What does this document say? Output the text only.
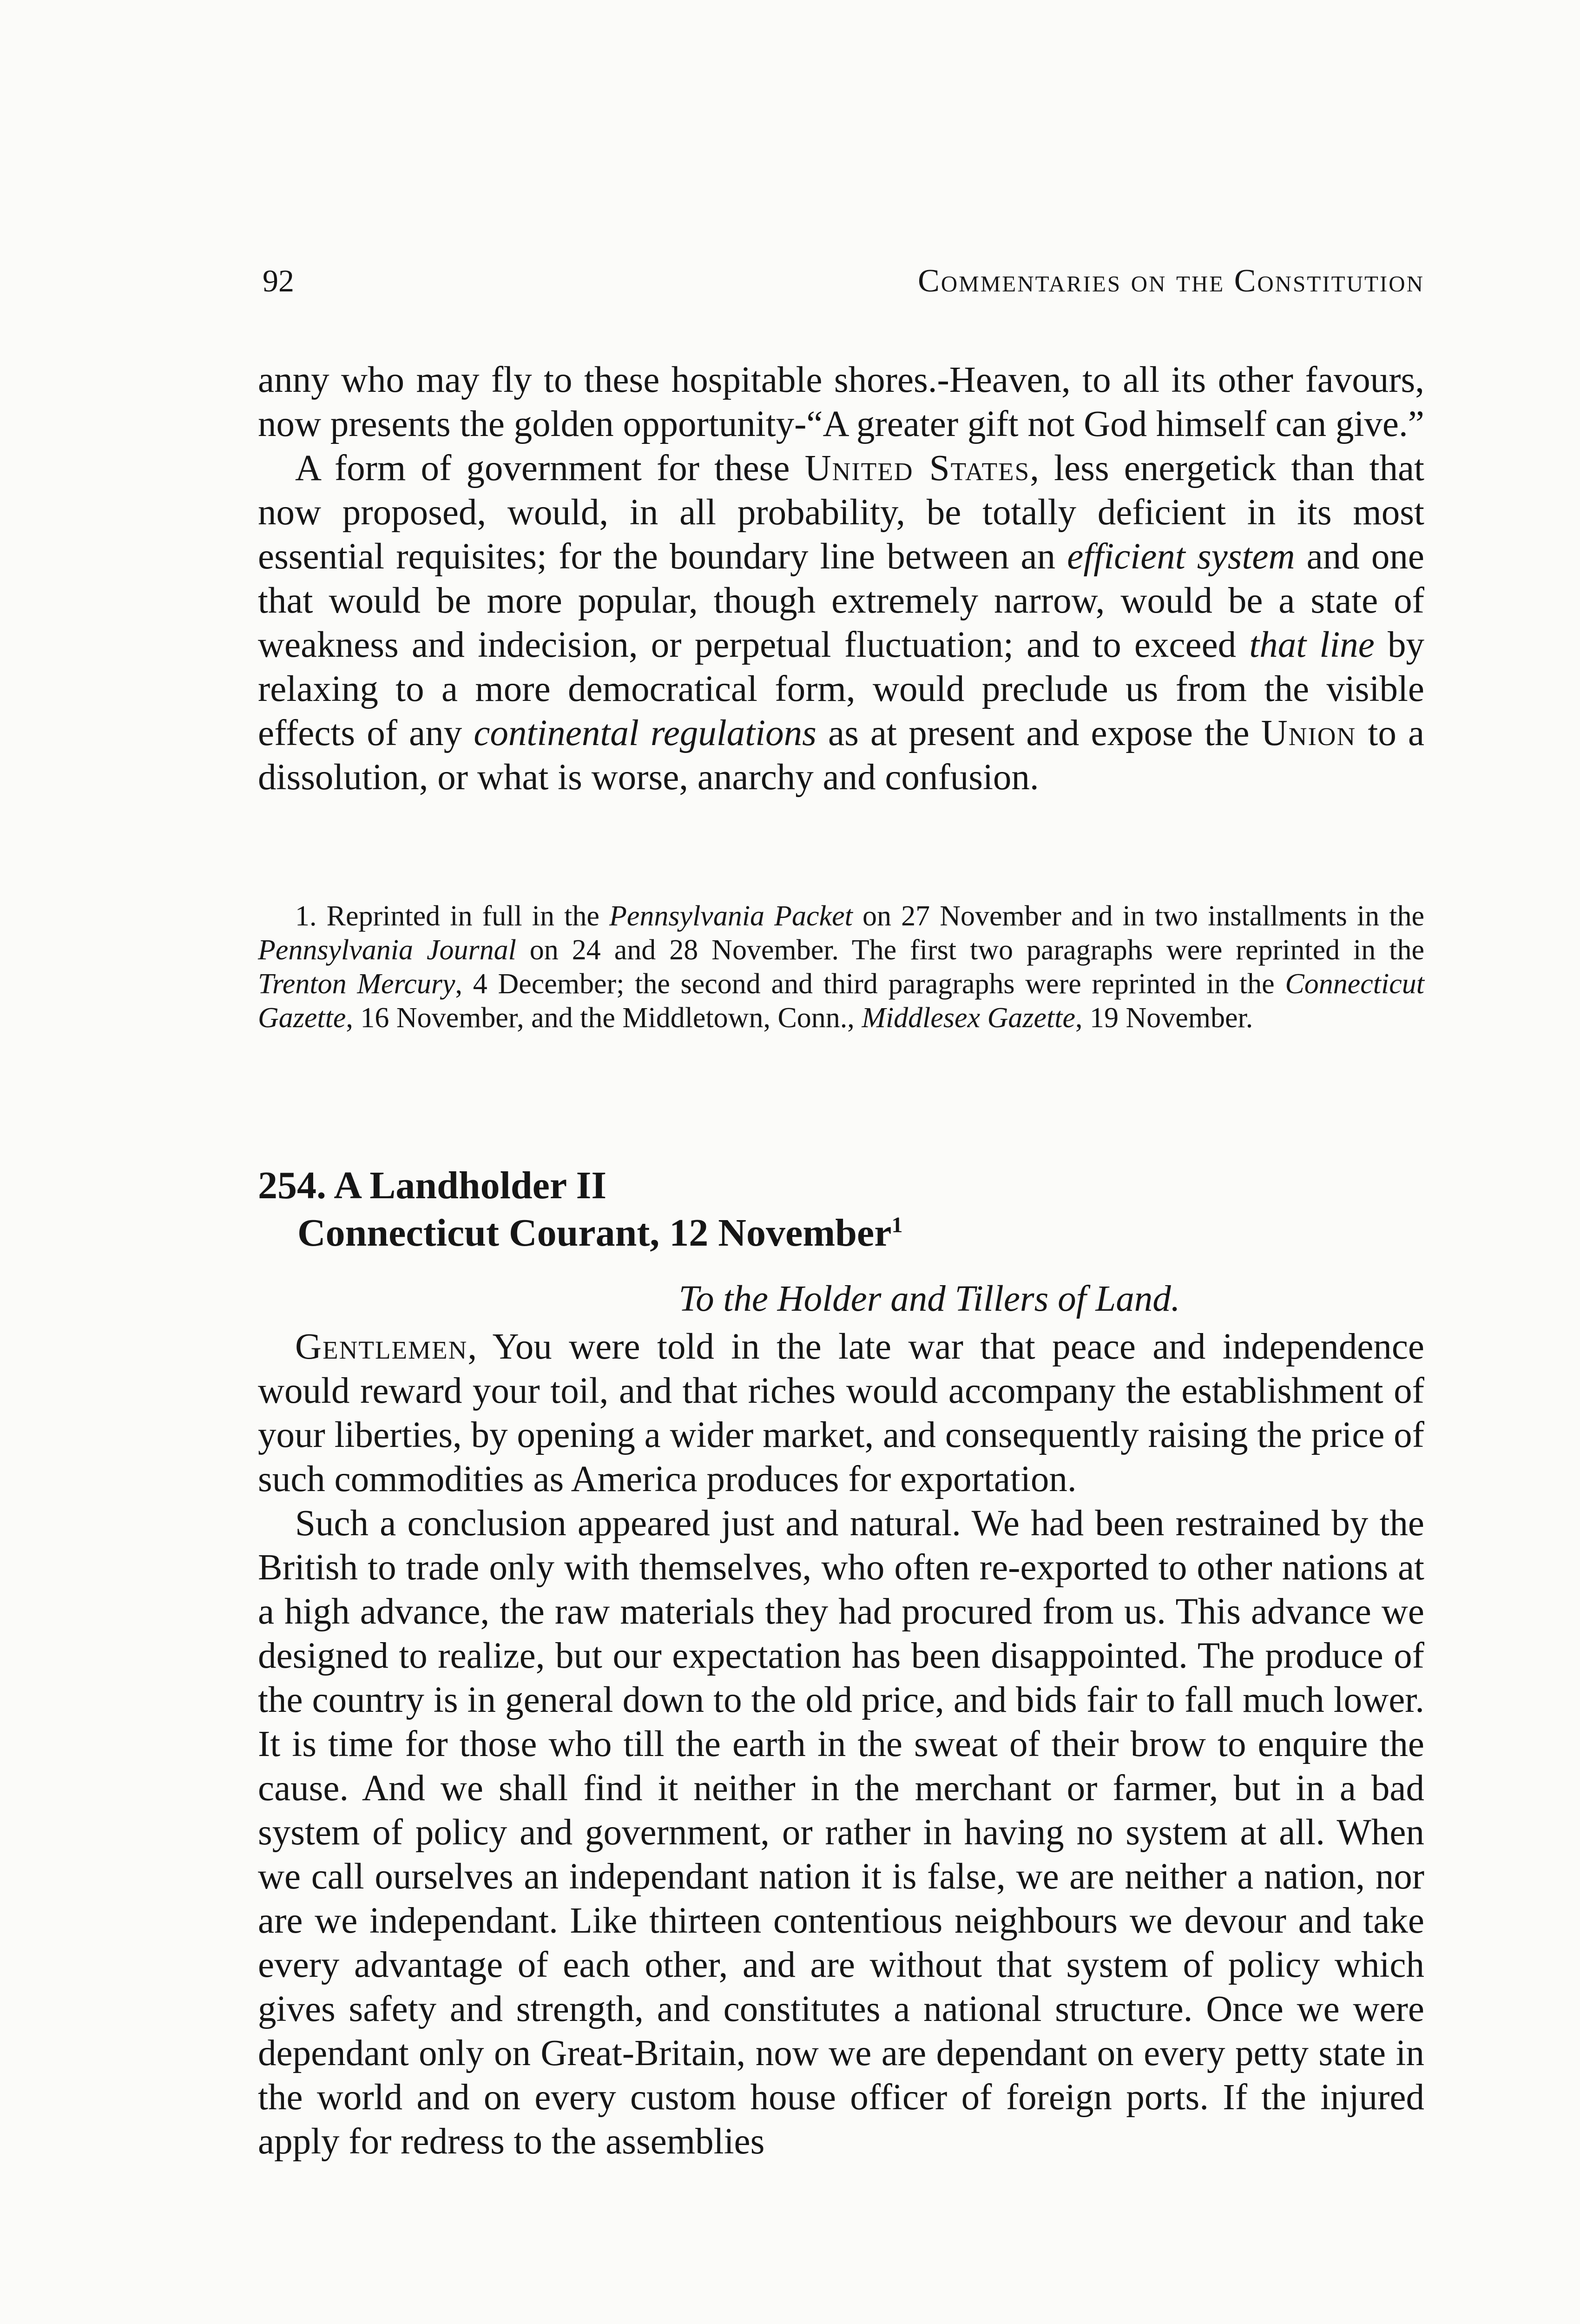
92	Commentaries on the Constitution

anny who may fly to these hospitable shores.-Heaven, to all its other favours, now presents the golden opportunity-“A greater gift not God himself can give.”

A form of government for these United States, less energetick than that now proposed, would, in all probability, be totally deficient in its most essential requisites; for the boundary line between an efficient system and one that would be more popular, though extremely narrow, would be a state of weakness and indecision, or perpetual fluctuation; and to exceed that line by relaxing to a more democratical form, would preclude us from the visible effects of any continental regulations as at present and expose the Union to a dissolution, or what is worse, anarchy and confusion.

1. Reprinted in full in the Pennsylvania Packet on 27 November and in two installments in the Pennsylvania Journal on 24 and 28 November. The first two paragraphs were reprinted in the Trenton Mercury, 4 December; the second and third paragraphs were reprinted in the Connecticut Gazette, 16 November, and the Middletown, Conn., Middlesex Gazette, 19 November.

254. A Landholder II
Connecticut Courant, 12 November$^1$
To the Holder and Tillers of Land.

Gentlemen, You were told in the late war that peace and independence would reward your toil, and that riches would accompany the establishment of your liberties, by opening a wider market, and consequently raising the price of such commodities as America produces for exportation.

Such a conclusion appeared just and natural. We had been restrained by the British to trade only with themselves, who often re-exported to other nations at a high advance, the raw materials they had procured from us. This advance we designed to realize, but our expectation has been disappointed. The produce of the country is in general down to the old price, and bids fair to fall much lower. It is time for those who till the earth in the sweat of their brow to enquire the cause. And we shall find it neither in the merchant or farmer, but in a bad system of policy and government, or rather in having no system at all. When we call ourselves an independant nation it is false, we are neither a nation, nor are we independant. Like thirteen contentious neighbours we devour and take every advantage of each other, and are without that system of policy which gives safety and strength, and constitutes a national structure. Once we were dependant only on Great-Britain, now we are dependant on every petty state in the world and on every custom house officer of foreign ports. If the injured apply for redress to the assemblies
